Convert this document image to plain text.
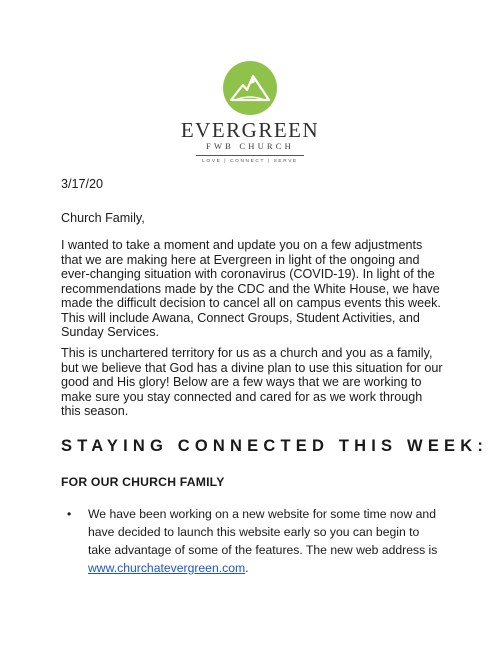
EVERGREEN
FWB CHURCH
LOVE | CONNECT | SERVE
3/17/20
Church Family,
I wanted to take a moment and update you on a few adjustments that we are making here at Evergreen in light of the ongoing and ever-changing situation with coronavirus (COVID-19). In light of the recommendations made by the CDC and the White House, we have made the difficult decision to cancel all on campus events this week. This will include Awana, Connect Groups, Student Activities, and Sunday Services.
This is unchartered territory for us as a church and you as a family, but we believe that God has a divine plan to use this situation for our good and His glory! Below are a few ways that we are working to make sure you stay connected and cared for as we work through this season.
STAYING CONNECTED THIS WEEK:
FOR OUR CHURCH FAMILY
• We have been working on a new website for some time now and have decided to launch this website early so you can begin to take advantage of some of the features. The new web address is www.churchatevergreen.com.
